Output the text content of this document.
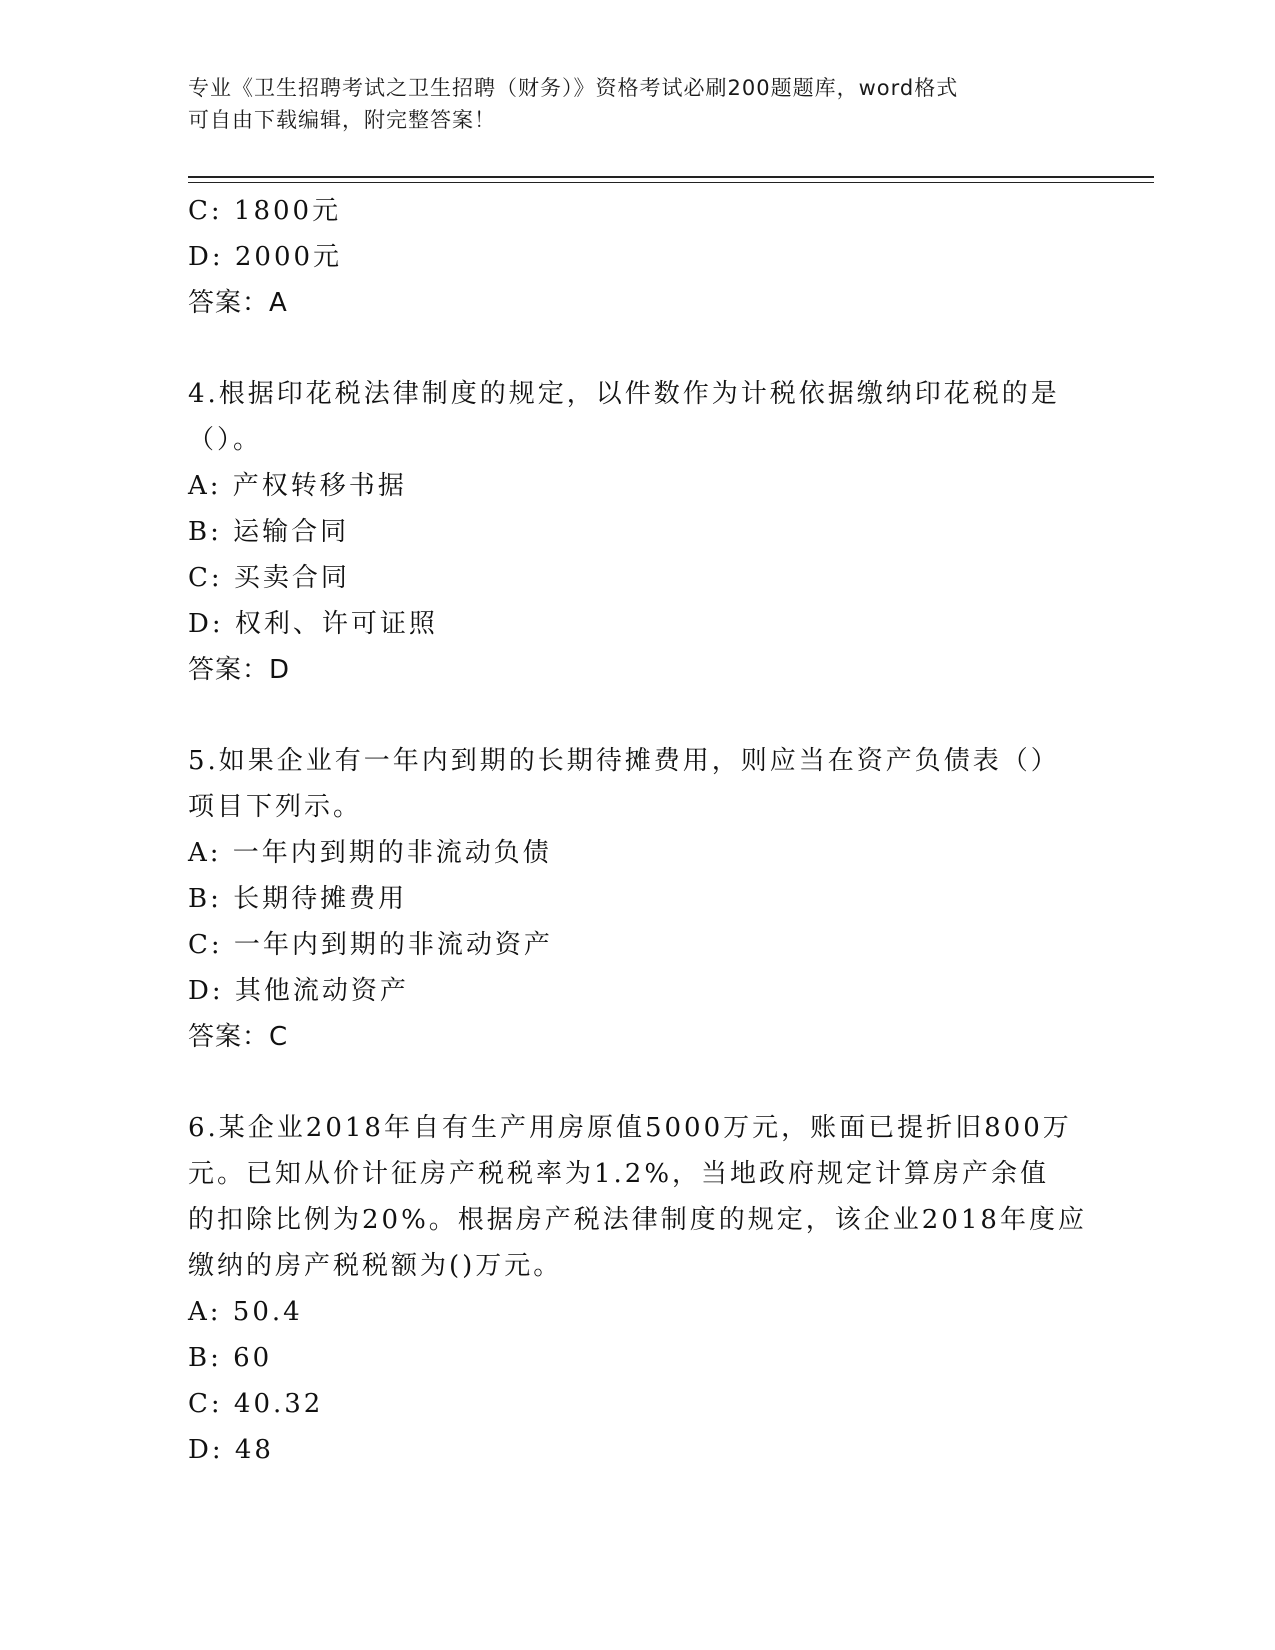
专业《卫生招聘考试之卫生招聘（财务）》资格考试必刷200题题库，word格式
可自由下载编辑，附完整答案！
C: 1800元
D: 2000元
答案：A
4.根据印花税法律制度的规定，以件数作为计税依据缴纳印花税的是
（）。
A: 产权转移书据
B: 运输合同
C: 买卖合同
D: 权利、许可证照
答案：D
5.如果企业有一年内到期的长期待摊费用，则应当在资产负债表（）
项目下列示。
A: 一年内到期的非流动负债
B: 长期待摊费用
C: 一年内到期的非流动资产
D: 其他流动资产
答案：C
6.某企业2018年自有生产用房原值5000万元，账面已提折旧800万
元。已知从价计征房产税税率为1.2%，当地政府规定计算房产余值
的扣除比例为20%。根据房产税法律制度的规定，该企业2018年度应
缴纳的房产税税额为()万元。
A: 50.4
B: 60
C: 40.32
D: 48
